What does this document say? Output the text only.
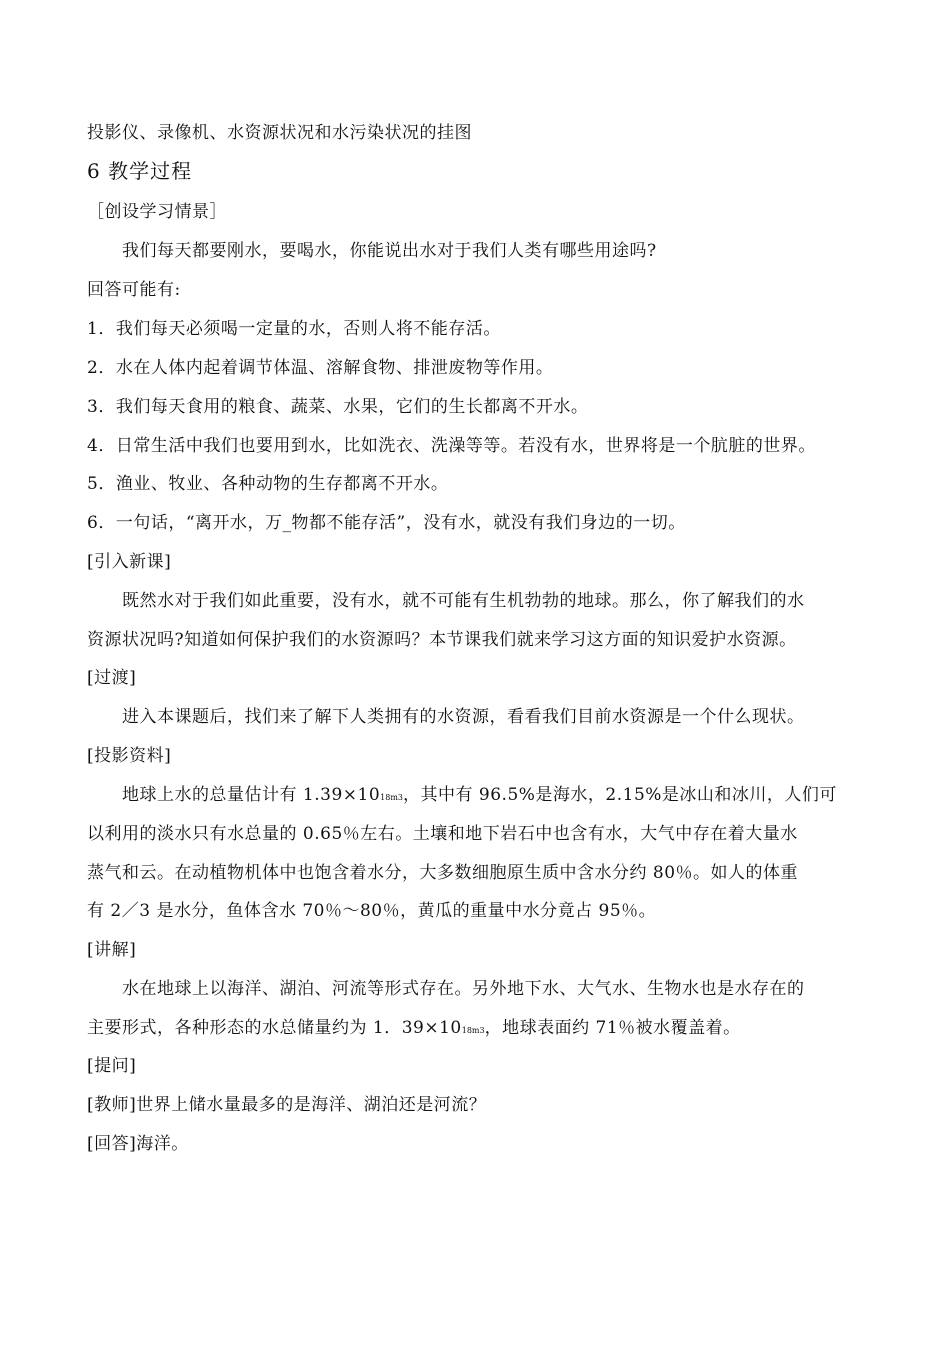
投影仪、录像机、水资源状况和水污染状况的挂图
6 教学过程
［创设学习情景］
我们每天都要刚水，要喝水，你能说出水对于我们人类有哪些用途吗?
回答可能有:
1．我们每天必须喝一定量的水，否则人将不能存活。
2．水在人体内起着调节体温、溶解食物、排泄废物等作用。
3．我们每天食用的粮食、蔬菜、水果，它们的生长都离不开水。
4．日常生活中我们也要用到水，比如洗衣、洗澡等等。若没有水，世界将是一个肮脏的世界。
5．渔业、牧业、各种动物的生存都离不开水。
6．一句话，“离开水，万_物都不能存活”，没有水，就没有我们身边的一切。
[引入新课]
既然水对于我们如此重要，没有水，就不可能有生机勃勃的地球。那么，你了解我们的水
资源状况吗?知道如何保护我们的水资源吗？本节课我们就来学习这方面的知识爱护水资源。
[过渡]
进入本课题后，找们来了解下人类拥有的水资源，看看我们目前水资源是一个什么现状。
[投影资料]
地球上水的总量估计有 1.39×1018m3，其中有 96.5%是海水，2.15%是冰山和冰川，人们可
以利用的淡水只有水总量的 0.65％左右。土壤和地下岩石中也含有水，大气中存在着大量水
蒸气和云。在动植物机体中也饱含着水分，大多数细胞原生质中含水分约 80％。如人的体重
有 2／3 是水分，鱼体含水 70％～80％，黄瓜的重量中水分竟占 95％。
[讲解]
水在地球上以海洋、湖泊、河流等形式存在。另外地下水、大气水、生物水也是水存在的
主要形式，各种形态的水总储量约为 1．39×1018m3，地球表面约 71％被水覆盖着。
[提问]
[教师]世界上储水量最多的是海洋、湖泊还是河流？
[回答]海洋。
